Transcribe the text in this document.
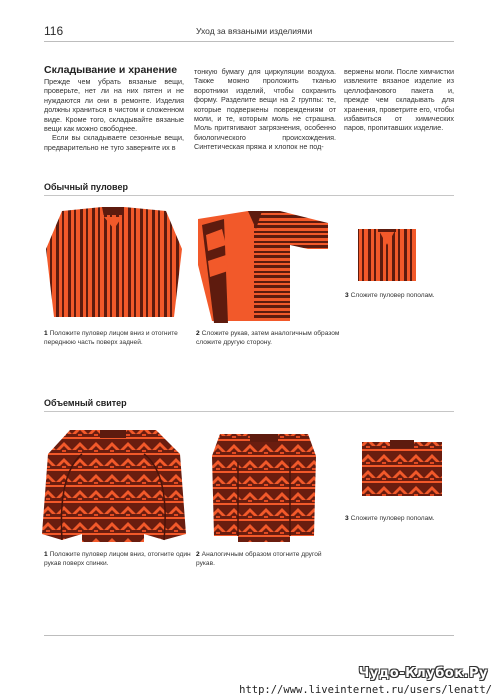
116	Уход за вязаными изделиями
Складывание и хранение

Прежде чем убрать вязаные вещи, проверьте, нет ли на них пятен и не нуждаются ли они в ремонте. Изделия должны храниться в чистом и сложенном виде. Кроме того, складывайте вязаные вещи как можно свободнее.

Если вы складываете сезонные вещи, предварительно не туго заверните их в

тонкую бумагу для циркуляции воздуха. Также можно проложить тканью воротники изделий, чтобы сохранить форму. Разделите вещи на 2 группы: те, которые подвержены повреждениям от моли, и те, которым моль не страшна. Моль притягивают загрязнения, особенно биологического происхождения. Синтетическая пряжа и хлопок не под-

вержены моли. После химчистки извлеките вязаное изделие из целлофанового пакета и, прежде чем складывать для хранения, проветрите его, чтобы избавиться от химических паров, пропитавших изделие.

Обычный пуловер
1 Положите пуловер лицом вниз и отогните переднюю часть поверх задней.
2 Сложите рукав, затем аналогичным образом сложите другую сторону.
3 Сложите пуловер пополам.
Объемный свитер
1 Положите пуловер лицом вниз, отогните один рукав поверх спинки.
2 Аналогичным образом отогните другой рукав.
3 Сложите пуловер пополам.
Чудо-Клубок.Ру
http://www.liveinternet.ru/users/lenatt/
